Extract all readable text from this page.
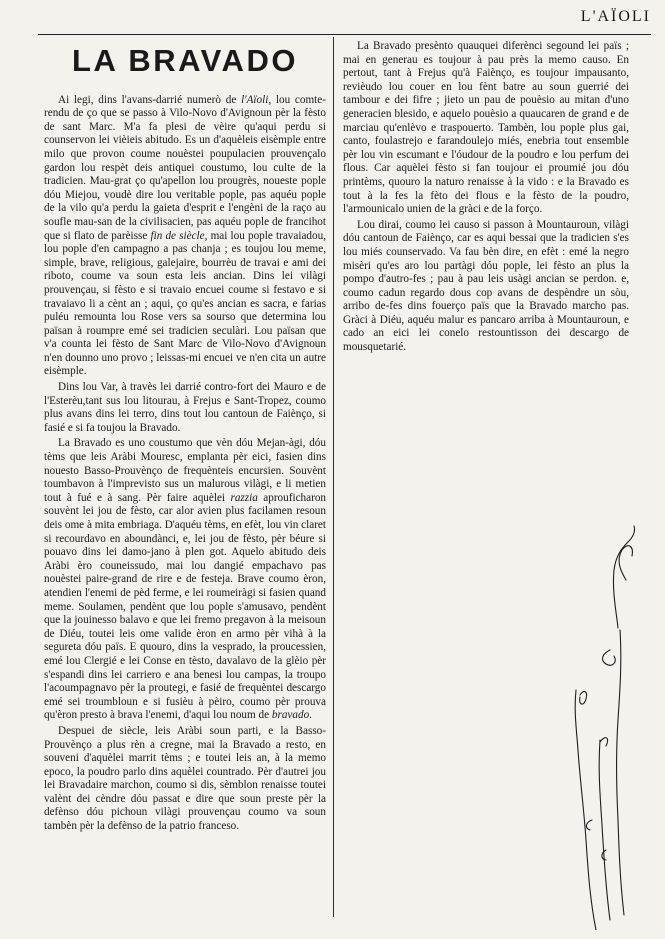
L'AÏOLI
LA BRAVADO

Ai legi, dins l'avans-darrié numerò de l'Aïoli, lou comte-rendu de ço que se passo à Vilo-Novo d'Avignoun pèr la fèsto de sant Marc. M'a fa plesi de vèire qu'aqui perdu si counservon lei vièieis abitudo. Es un d'aquèleis eisèmple entre milo que provon coume nouèstei poupulacien prouvençalo gardon lou respèt deis antiquei coustumo, lou culte de la tradicien. Mau-grat ço qu'apellon lou prougrès, noueste pople dóu Miejou, voudè dire lou veritable pople, pas aquéu pople de la vilo qu'a perdu la gaieta d'esprit e l'engèni de la raço au soufle mau-san de la civilisacien, pas aquéu pople de francihot que si flato de parèisse fin de siècle, mai lou pople travaiadou, lou pople d'en campagno a pas chanja ; es toujou lou meme, simple, brave, religious, galejaire, bourrèu de travai e ami dei riboto, coume va soun esta leis ancian. Dins lei vilàgi prouvençau, si fèsto e si travaio encuei coume si festavo e si travaiavo li a cènt an ; aqui, ço qu'es ancian es sacra, e farias puléu remounta lou Rose vers sa sourso que determina lou païsan à roumpre emé sei tradicien seculàri. Lou païsan que v'a counta lei fèsto de Sant Marc de Vilo-Novo d'Avignoun n'en dounno uno provo ; leissas-mi encuei ve n'en cita un autre eisèmple.

Dins lou Var, à travès lei darrié contro-fort dei Mauro e de l'Esterèu,tant sus lou litourau, à Frejus e Sant-Tropez, coumo plus avans dins lei terro, dins tout lou cantoun de Faiènço, si fasié e si fa toujou la Bravado.

La Bravado es uno coustumo que vèn dóu Mejan-àgi, dóu tèms que leis Aràbi Mouresc, emplanta pèr eici, fasien dins nouesto Basso-Prouvènço de frequènteis encursien. Souvènt toumbavon à l'imprevisto sus un malurous vilàgi, e li metien tout à fué e à sang. Pèr faire aquèlei razzia aprouficharon souvènt lei jou de fèsto, car alor avien plus facilamen resoun deis ome à mita embriaga. D'aquéu tèms, en efèt, lou vin claret si recourdavo en aboundànci, e, lei jou de fèsto, pèr béure si pouavo dins lei damo-jano à plen got. Aquelo abitudo deis Aràbi èro couneissudo, mai lou dangié empachavo pas nouèstei paire-grand de rire e de festeja. Brave coumo èron, atendien l'enemi de pèd ferme, e lei roumeiràgi si fasien quand meme. Soulamen, pendènt que lou pople s'amusavo, pendènt que la jouinesso balavo e que lei fremo pregavon à la meisoun de Diéu, toutei leis ome valide èron en armo pèr vihà à la segureta dóu païs. E quouro, dins la vesprado, la proucessien, emé lou Clergié e lei Conse en tèsto, davalavo de la glèio pèr s'espandi dins lei carriero e ana benesi lou campas, la troupo l'acoumpagnavo pèr la proutegi, e fasié de frequèntei descargo emé sei troumbloun e si fusièu à pèiro, coumo pèr prouva qu'èron presto à brava l'enemi, d'aqui lou noum de bravado.

Despuei de siècle, leis Aràbi soun parti, e la Basso-Prouvènço a plus rèn a cregne, mai la Bravado a resto, en souveni d'aquèlei marrit tèms ; e toutei leis an, à la memo epoco, la poudro parlo dins aquèlei countrado. Pèr d'autrei jou lei Bravadaire marchon, coumo si dis, sèmblon renaisse toutei valènt dei cèndre dóu passat e dire que soun preste pèr la defènso dóu pichoun vilàgi prouvençau coumo va soun tambèn pèr la defènso de la patrio franceso.

La Bravado presènto quauquei diferènci segound lei païs ; mai en generau es toujour à pau près la memo causo. En pertout, tant à Frejus qu'à Faiènço, es toujour impausanto, revièudo lou couer en lou fènt batre au soun guerrié dei tambour e dei fifre ; jieto un pau de pouèsio au mitan d'uno generacien blesido, e aquelo pouèsio a quaucaren de grand e de marciau qu'enlèvo e traspouerto. Tambèn, lou pople plus gai, canto, foulastrejo e farandoulejo miés, enebria tout ensemble pèr lou vin escumant e l'óudour de la poudro e lou perfum dei flous. Car aquèlei fèsto si fan toujour ei proumié jou dóu printèms, quouro la naturo renaisse à la vido : e la Bravado es tout à la fes la fèto dei flous e la fèsto de la poudro, l'armounicalo unien de la gràci e de la forço.

Lou dirai, coumo lei causo si passon à Mountauroun, vilàgi dóu cantoun de Faiènço, car es aqui bessai que la tradicien s'es lou miés counservado. Va fau bèn dire, en efèt : emé la negro misèri qu'es aro lou partàgi dóu pople, lei fèsto an plus la pompo d'autro-fes ; pau à pau leis usàgi ancian se perdon. e, coumo cadun regardo dous cop avans de despèndre un sòu, arribo de-fes dins fouerço païs que la Bravado marcho pas. Gràci à Diéu, aquéu malur es pancaro arriba à Mountauroun, e cado an eici lei conelo restountisson dei descargo de mousquetarié.
